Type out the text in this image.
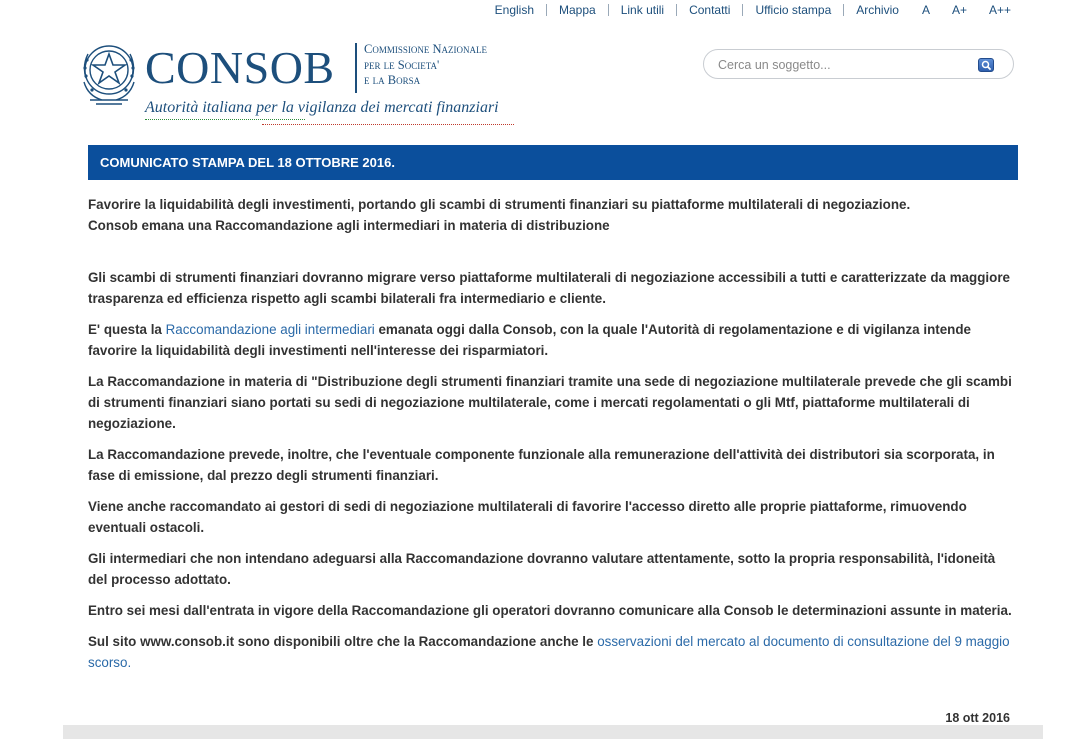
English	Mappa	Link utili	Contatti	Ufficio stampa	Archivio	A	A+	A++
CONSOB Commissione Nazionale
per le Societa'
e la Borsa
Autorità italiana per la vigilanza dei mercati finanziari
Cerca un soggetto...
COMUNICATO STAMPA DEL 18 OTTOBRE 2016.

Favorire la liquidabilità degli investimenti, portando gli scambi di strumenti finanziari su piattaforme multilaterali di negoziazione.
Consob emana una Raccomandazione agli intermediari in materia di distribuzione

Gli scambi di strumenti finanziari dovranno migrare verso piattaforme multilaterali di negoziazione accessibili a tutti e caratterizzate da maggiore trasparenza ed efficienza rispetto agli scambi bilaterali fra intermediario e cliente.

E' questa la Raccomandazione agli intermediari emanata oggi dalla Consob, con la quale l'Autorità di regolamentazione e di vigilanza intende favorire la liquidabilità degli investimenti nell'interesse dei risparmiatori.

La Raccomandazione in materia di "Distribuzione degli strumenti finanziari tramite una sede di negoziazione multilaterale prevede che gli scambi di strumenti finanziari siano portati su sedi di negoziazione multilaterale, come i mercati regolamentati o gli Mtf, piattaforme multilaterali di negoziazione.

La Raccomandazione prevede, inoltre, che l'eventuale componente funzionale alla remunerazione dell'attività dei distributori sia scorporata, in fase di emissione, dal prezzo degli strumenti finanziari.

Viene anche raccomandato ai gestori di sedi di negoziazione multilaterali di favorire l'accesso diretto alle proprie piattaforme, rimuovendo eventuali ostacoli.

Gli intermediari che non intendano adeguarsi alla Raccomandazione dovranno valutare attentamente, sotto la propria responsabilità, l'idoneità del processo adottato.

Entro sei mesi dall'entrata in vigore della Raccomandazione gli operatori dovranno comunicare alla Consob le determinazioni assunte in materia.

Sul sito www.consob.it sono disponibili oltre che la Raccomandazione anche le osservazioni del mercato al documento di consultazione del 9 maggio scorso.

18 ott 2016
